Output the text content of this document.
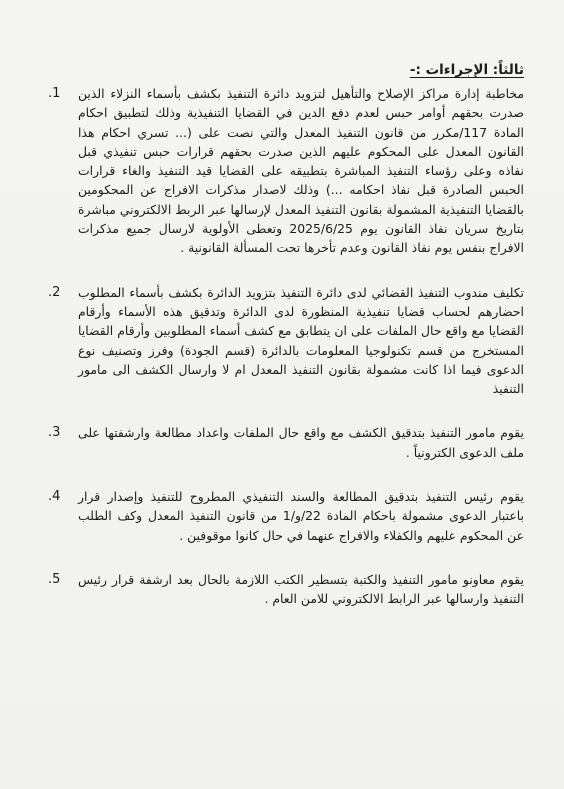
ثالثاً: الإجراءات :-
مخاطبة إدارة مراكز الإصلاح والتأهيل لتزويد دائرة التنفيذ بكشف بأسماء النزلاء الذين صدرت بحقهم أوامر حبس لعدم دفع الدين في القضايا التنفيذية وذلك لتطبيق احكام المادة 117/مكرر من قانون التنفيذ المعدل والتي نصت على (... تسري احكام هذا القانون المعدل على المحكوم عليهم الذين صدرت بحقهم قرارات حبس تنفيذي قبل نفاذه وعلى رؤساء التنفيذ المباشرة بتطبيقه على القضايا قيد التنفيذ والغاء قرارات الحبس الصادرة قبل نفاذ احكامه ...) وذلك لاصدار مذكرات الافراج عن المحكومين بالقضايا التنفيذية المشمولة بقانون التنفيذ المعدل لإرسالها عبر الربط الالكتروني مباشرة بتاريخ سريان نفاذ القانون يوم 2025/6/25 وتعطى الأولوية لارسال جميع مذكرات الافراج بنفس يوم نفاذ القانون وعدم تأخرها تحت المسألة القانونية .
.1
تكليف مندوب التنفيذ القضائي لدى دائرة التنفيذ بتزويد الدائرة بكشف بأسماء المطلوب احضارهم لحساب قضايا تنفيذية المنظورة لدى الدائرة وتدقيق هذه الأسماء وأرقام القضايا مع واقع حال الملفات على ان يتطابق مع كشف أسماء المطلوبين وأرقام القضايا المستخرج من قسم تكنولوجيا المعلومات بالدائرة (قسم الجودة) وفرز وتصنيف نوع الدعوى فيما اذا كانت مشمولة بقانون التنفيذ المعدل ام لا وارسال الكشف الى مامور التنفيذ
.2
يقوم مامور التنفيذ بتدقيق الكشف مع واقع حال الملفات واعداد مطالعة وارشفتها على ملف الدعوى الكترونياً .
.3
يقوم رئيس التنفيذ بتدقيق المطالعة والسند التنفيذي المطروح للتنفيذ وإصدار قرار باعتبار الدعوى مشمولة باحكام المادة 22/و/1 من قانون التنفيذ المعدل وكف الطلب عن المحكوم عليهم والكفلاء والافراج عنهما في حال كانوا موقوفين .
.4
يقوم معاونو مامور التنفيذ والكتبة بتسطير الكتب اللازمة بالحال بعد ارشفة قرار رئيس التنفيذ وارسالها عبر الرابط الالكتروني للامن العام .
.5
